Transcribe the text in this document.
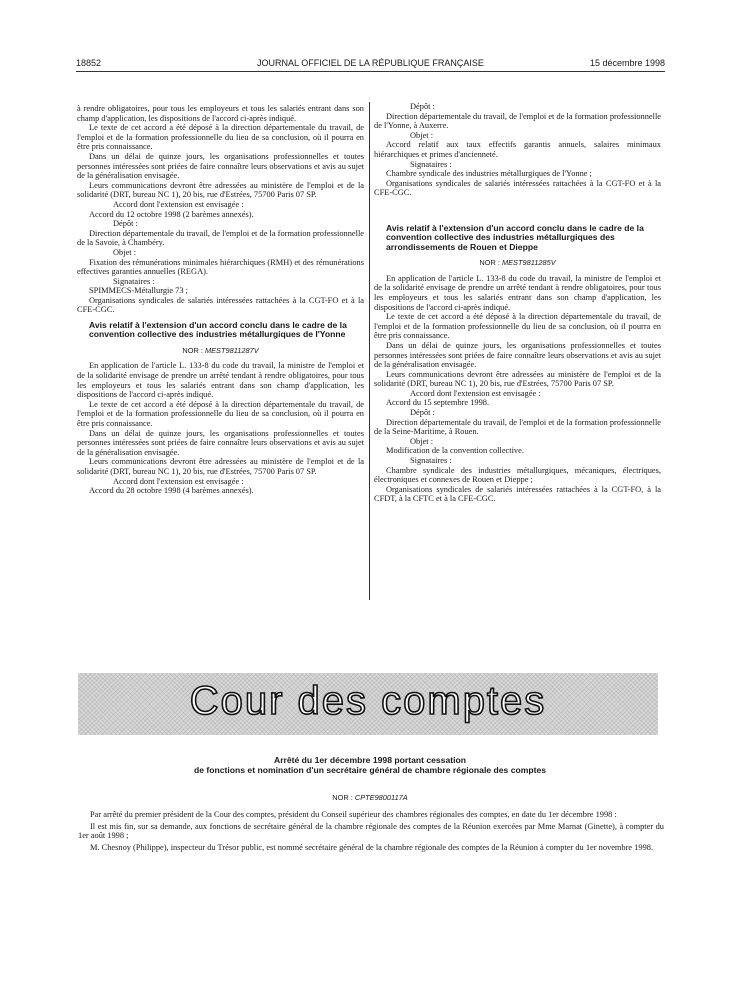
18852	JOURNAL OFFICIEL DE LA RÉPUBLIQUE FRANÇAISE	15 décembre 1998

à rendre obligatoires, pour tous les employeurs et tous les salariés entrant dans son champ d'application, les dispositions de l'accord ci-après indiqué.

Le texte de cet accord a été déposé à la direction départementale du travail, de l'emploi et de la formation professionnelle du lieu de sa conclusion, où il pourra en être pris connaissance.

Dans un délai de quinze jours, les organisations professionnelles et toutes personnes intéressées sont priées de faire connaître leurs observations et avis au sujet de la généralisation envisagée.

Leurs communications devront être adressées au ministère de l'emploi et de la solidarité (DRT, bureau NC 1), 20 bis, rue d'Estrées, 75700 Paris 07 SP.

Accord dont l'extension est envisagée :

Accord du 12 octobre 1998 (2 barèmes annexés).

Dépôt :

Direction départementale du travail, de l'emploi et de la formation professionnelle de la Savoie, à Chambéry.

Objet :

Fixation des rémunérations minimales hiérarchiques (RMH) et des rémunérations effectives garanties annuelles (REGA).

Signataires :

SPIMMECS-Métallurgie 73 ;

Organisations syndicales de salariés intéressées rattachées à la CGT-FO et à la CFE-CGC.

Avis relatif à l'extension d'un accord conclu dans le cadre de la convention collective des industries métallurgiques de l'Yonne

NOR : MEST9811287V

En application de l'article L. 133-8 du code du travail, la ministre de l'emploi et de la solidarité envisage de prendre un arrêté tendant à rendre obligatoires, pour tous les employeurs et tous les salariés entrant dans son champ d'application, les dispositions de l'accord ci-après indiqué.

Le texte de cet accord a été déposé à la direction départementale du travail, de l'emploi et de la formation professionnelle du lieu de sa conclusion, où il pourra en être pris connaissance.

Dans un délai de quinze jours, les organisations professionnelles et toutes personnes intéressées sont priées de faire connaître leurs observations et avis au sujet de la généralisation envisagée.

Leurs communications devront être adressées au ministère de l'emploi et de la solidarité (DRT, bureau NC 1), 20 bis, rue d'Estrées, 75700 Paris 07 SP.

Accord dont l'extension est envisagée :

Accord du 28 octobre 1998 (4 barèmes annexés).

Dépôt :

Direction départementale du travail, de l'emploi et de la formation professionnelle de l'Yonne, à Auxerre.

Objet :

Accord relatif aux taux effectifs garantis annuels, salaires minimaux hiérarchiques et primes d'ancienneté.

Signataires :

Chambre syndicale des industries métallurgiques de l'Yonne ;

Organisations syndicales de salariés intéressées rattachées à la CGT-FO et à la CFE-CGC.

Avis relatif à l'extension d'un accord conclu dans le cadre de la convention collective des industries métallurgiques des arrondissements de Rouen et Dieppe

NOR : MEST9811285V

En application de l'article L. 133-8 du code du travail, la ministre de l'emploi et de la solidarité envisage de prendre un arrêté tendant à rendre obligatoires, pour tous les employeurs et tous les salariés entrant dans son champ d'application, les dispositions de l'accord ci-après indiqué.

Le texte de cet accord a été déposé à la direction départementale du travail, de l'emploi et de la formation professionnelle du lieu de sa conclusion, où il pourra en être pris connaissance.

Dans un délai de quinze jours, les organisations professionnelles et toutes personnes intéressées sont priées de faire connaître leurs observations et avis au sujet de la généralisation envisagée.

Leurs communications devront être adressées au ministère de l'emploi et de la solidarité (DRT, bureau NC 1), 20 bis, rue d'Estrées, 75700 Paris 07 SP.

Accord dont l'extension est envisagée :

Accord du 15 septembre 1998.

Dépôt :

Direction départementale du travail, de l'emploi et de la formation professionnelle de la Seine-Maritime, à Rouen.

Objet :

Modification de la convention collective.

Signataires :

Chambre syndicale des industries métallurgiques, mécaniques, électriques, électroniques et connexes de Rouen et Dieppe ;

Organisations syndicales de salariés intéressées rattachées à la CGT-FO, à la CFDT, à la CFTC et à la CFE-CGC.

Cour des comptes
Arrêté du 1er décembre 1998 portant cessation
de fonctions et nomination d'un secrétaire général de chambre régionale des comptes
NOR : CPTE9800117A

Par arrêté du premier président de la Cour des comptes, président du Conseil supérieur des chambres régionales des comptes, en date du 1er décembre 1998 :

Il est mis fin, sur sa demande, aux fonctions de secrétaire général de la chambre régionale des comptes de la Réunion exercées par Mme Marnat (Ginette), à compter du 1er août 1998 ;

M. Chesnoy (Philippe), inspecteur du Trésor public, est nommé secrétaire général de la chambre régionale des comptes de la Réunion à compter du 1er novembre 1998.
